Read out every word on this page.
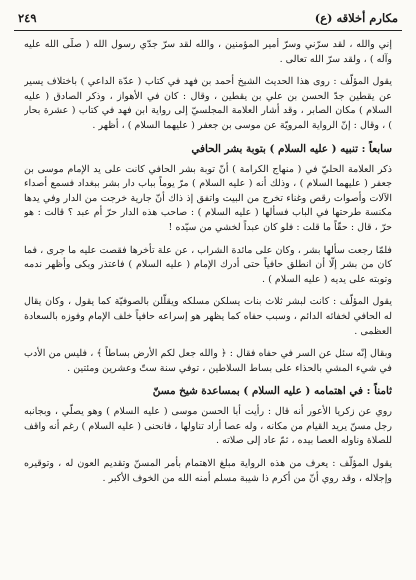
مكارم أخلاقه (ع)
٢٤٩

إني والله ، لقد سرّني وسرّ أمير المؤمنين ، والله لقد سرّ جدّي رسول الله ( صلّى الله عليه وآله ) ، ولقد سرّ الله تعالى .

يقول المؤلّف : روى هذا الحديث الشيخ أحمد بن فهد في كتاب ( عدّة الداعي ) باختلاف يسير عن يقطين جدّ الحسن بن علي بن يقطين ، وقال : كان في الأهواز ، وذكر الصادق ( عليه السلام ) مكان الصابر ، وقد أشار العلامة المجلسيّ إلى رواية ابن فهد في كتاب ( عشرة بحار ) ، وقال : إنّ الرواية المرويّة عن موسى بن جعفر ( عليهما السلام ) ، أظهر .

سابعاً : تنبيه ( عليه السلام ) بتوبة بشر الحافي

ذكر العلامة الحليّ في ( منهاج الكرامة ) أنّ توبة بشر الحافي كانت على يد الإمام موسى بن جعفر ( عليهما السلام ) ، وذلك أنه ( عليه السلام ) مرّ يوماً بباب دار بشر ببغداد فسمع أصداء الآلات وأصوات رقص وغناء تخرج من البيت واتفق إذ ذاك أنّ جارية خرجت من الدار وفي يدها مكنسة طرحتها في الباب فسألها ( عليه السلام ) : صاحب هذه الدار حرّ أم عبد ؟ قالت : هو حرّ ، قال : حقّاً ما قلت : فلو كان عبداً لخشي من سيّده !

فلمّا رجعت سألها بشر ، وكان على مائدة الشراب ، عن علة تأخرها فقصت عليه ما جرى ، فما كان من بشر إلّا أن انطلق حافياً حتى أدرك الإمام ( عليه السلام ) فاعتذر وبكى وأظهر ندمه وتوبته على يديه ( عليه السلام ) .

يقول المؤلّف : كانت لبشر ثلاث بنات يسلكن مسلكه ويقلّلن بالصوفيّة كما يقول ، وكان يقال له الحافي لخفائه الدائم ، وسبب حفاه كما يظهر هو إسراعه حافياً خلف الإمام وفوزه بالسعادة العظمى .

وبقال إنّه سئل عن السر في حفاه فقال : ﴿ والله جعل لكم الأرض بساطاً ﴾ ، فليس من الأدب في شيء المشي بالحذاء على بساط السلاطين ، توفي سنة ستّ وعشرين ومئتين .

ثامناً : في اهتمامه ( عليه السلام ) بمساعدة شيخ مسنّ

روي عن زكريا الأعور أنه قال : رأيت أبا الحسن موسى ( عليه السلام ) وهو يصلّي ، وبجانبه رجل مسنّ يريد القيام من مكانه ، وله عصا أراد تناولها ، فانحنى ( عليه السلام ) رغم أنه واقف للصلاة وناوله العصا بيده ، ثمّ عاد إلى صلاته .

يقول المؤلّف : يعرف من هذه الرواية مبلغ الاهتمام بأمر المسنّ وتقديم العون له ، وتوقيره وإجلاله ، وقد روي أنّ من أكرم ذا شيبة مسلم أمنه الله من الخوف الأكبر .
